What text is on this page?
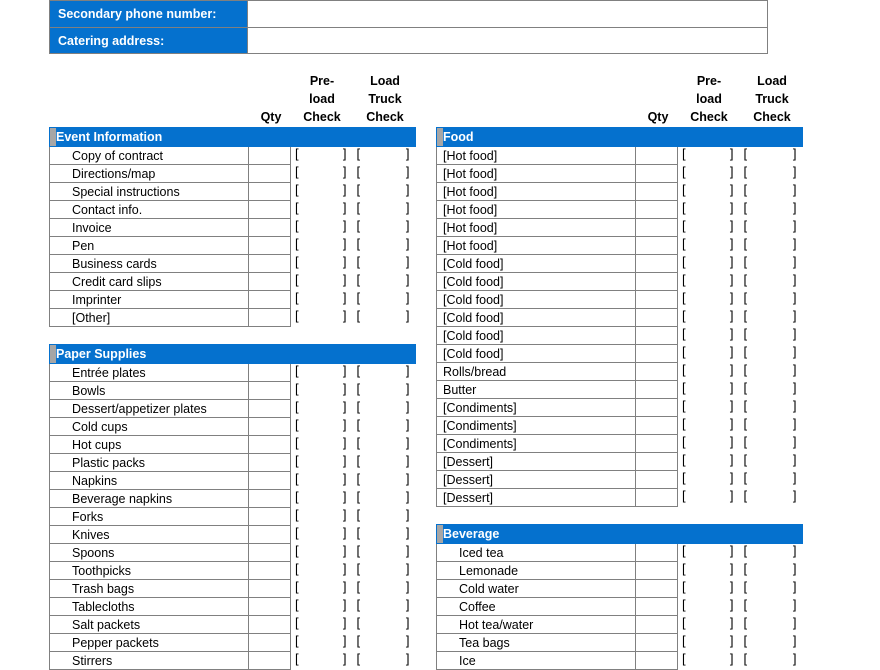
Secondary phone number:
Catering address:
Qty
Pre-
load
Check
Load
Truck
Check	Qty
Pre-
load
Check
Load
Truck
Check
Event Information			
Copy of contract		[ ]	[ ]

Directions/map		[ ]	[ ]

Special instructions		[ ]	[ ]

Contact info.		[ ]	[ ]

Invoice		[ ]	[ ]

Pen		[ ]	[ ]

Business cards		[ ]	[ ]

Credit card slips		[ ]	[ ]

Imprinter		[ ]	[ ]

[Other]		[ ]	[ ]

Paper Supplies			
Entrée plates		[ ]	[ ]

Bowls		[ ]	[ ]

Dessert/appetizer plates		[ ]	[ ]

Cold cups		[ ]	[ ]

Hot cups		[ ]	[ ]

Plastic packs		[ ]	[ ]

Napkins		[ ]	[ ]

Beverage napkins		[ ]	[ ]

Forks		[ ]	[ ]

Knives		[ ]	[ ]

Spoons		[ ]	[ ]

Toothpicks		[ ]	[ ]

Trash bags		[ ]	[ ]

Tablecloths		[ ]	[ ]

Salt packets		[ ]	[ ]

Pepper packets		[ ]	[ ]

Stirrers		[ ]	[ ]
Food			
[Hot food]		[ ]	[ ]

[Hot food]		[ ]	[ ]

[Hot food]		[ ]	[ ]

[Hot food]		[ ]	[ ]

[Hot food]		[ ]	[ ]

[Hot food]		[ ]	[ ]

[Cold food]		[ ]	[ ]

[Cold food]		[ ]	[ ]

[Cold food]		[ ]	[ ]

[Cold food]		[ ]	[ ]

[Cold food]		[ ]	[ ]

[Cold food]		[ ]	[ ]

Rolls/bread		[ ]	[ ]

Butter		[ ]	[ ]

[Condiments]		[ ]	[ ]

[Condiments]		[ ]	[ ]

[Condiments]		[ ]	[ ]

[Dessert]		[ ]	[ ]

[Dessert]		[ ]	[ ]

[Dessert]		[ ]	[ ]

Beverage			
Iced tea		[ ]	[ ]

Lemonade		[ ]	[ ]

Cold water		[ ]	[ ]

Coffee		[ ]	[ ]

Hot tea/water		[ ]	[ ]

Tea bags		[ ]	[ ]

Ice		[ ]	[ ]
